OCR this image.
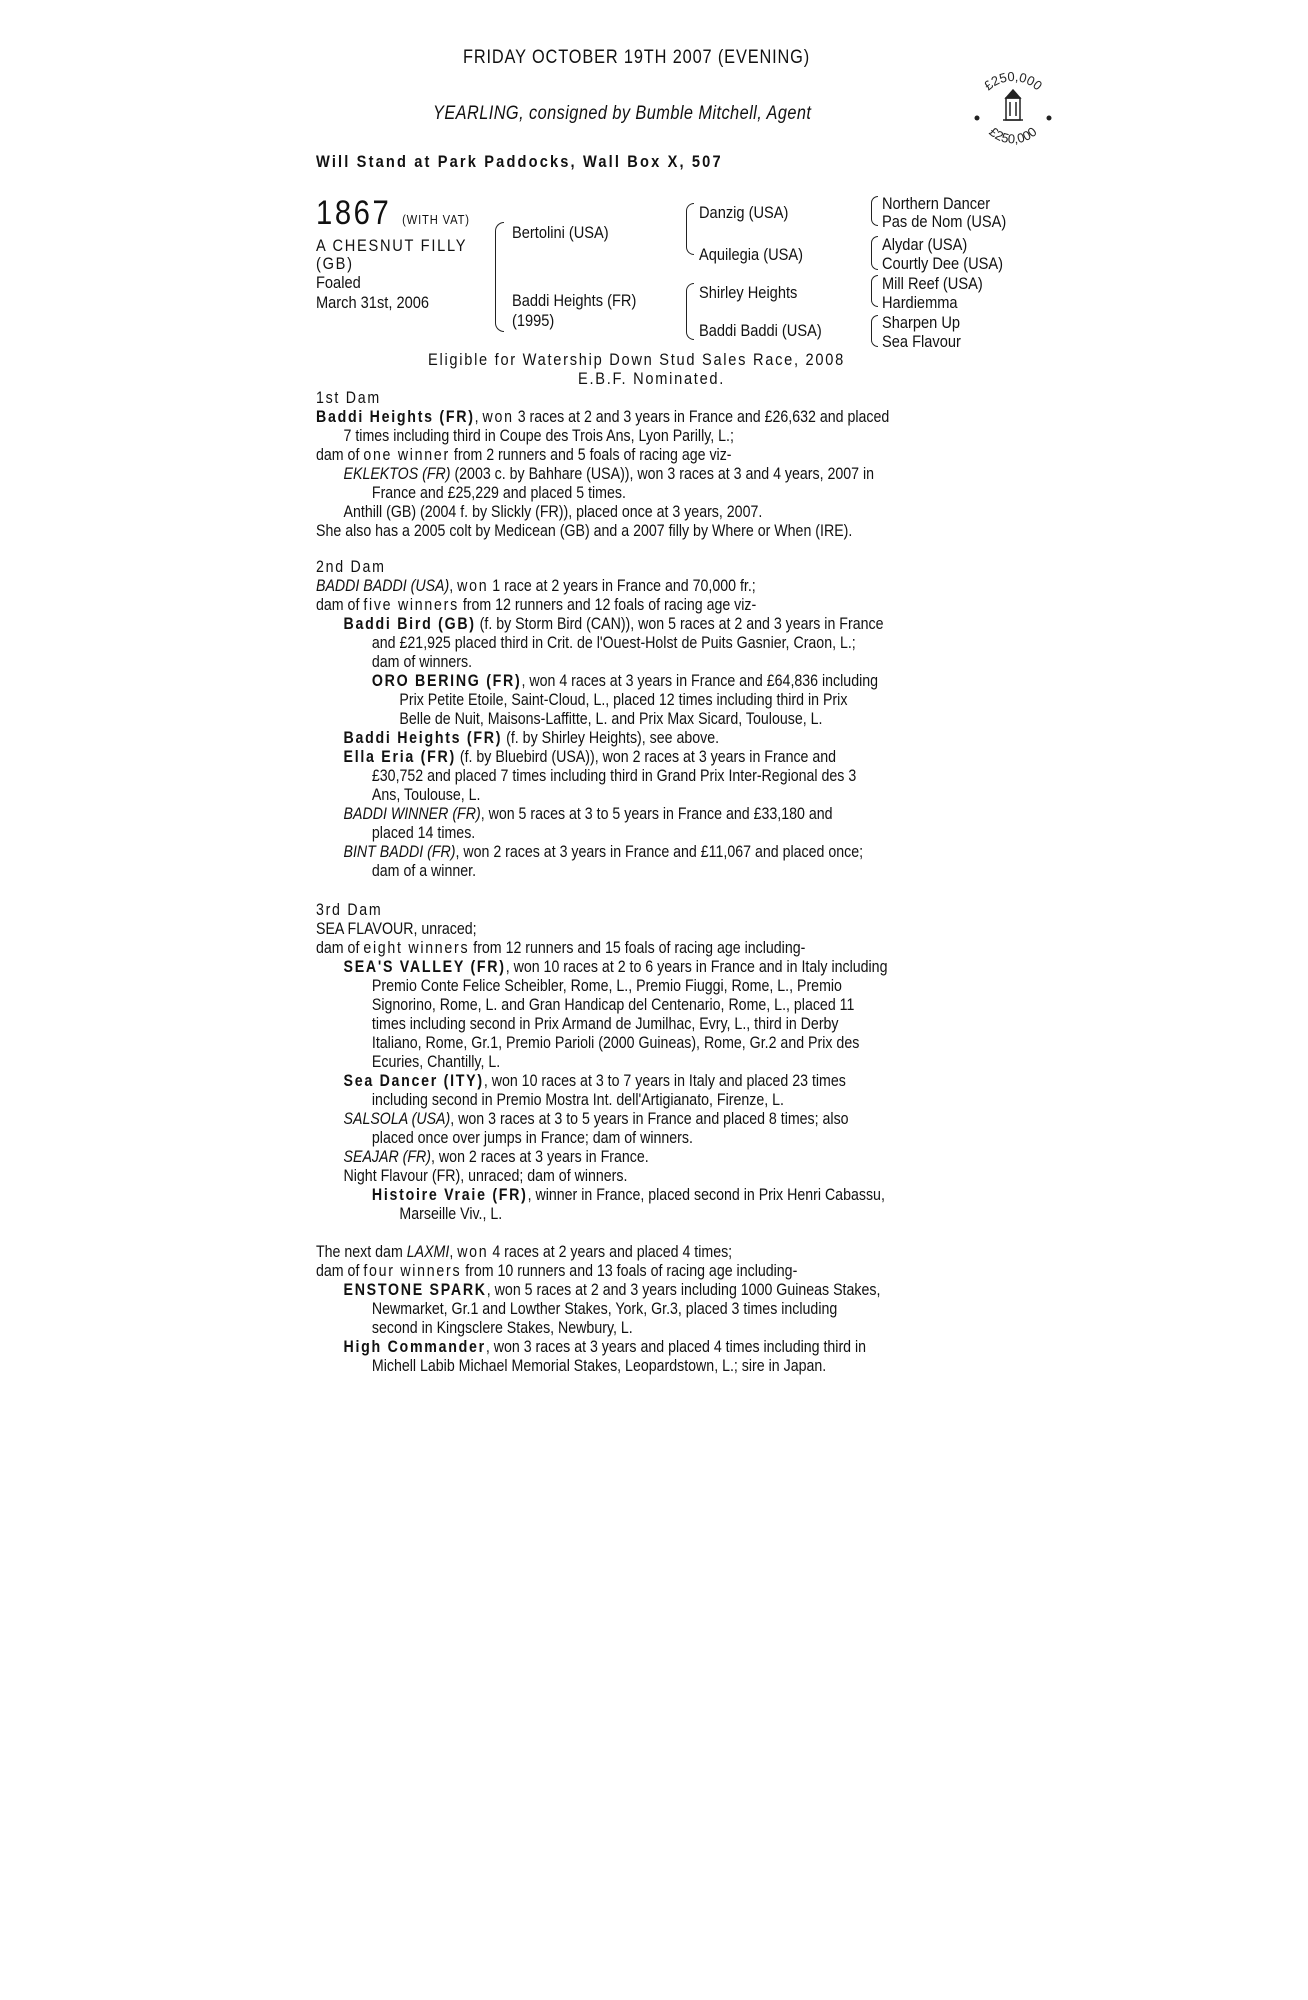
FRIDAY OCTOBER 19TH 2007 (EVENING)
YEARLING, consigned by Bumble Mitchell, Agent
Will Stand at Park Paddocks, Wall Box X, 507
£250,000
£250,000
1867 (WITH VAT)
A CHESNUT FILLY
(GB)
Foaled
March 31st, 2006
Bertolini (USA)
Baddi Heights (FR)
(1995)
Danzig (USA)
Aquilegia (USA)
Shirley Heights
Baddi Baddi (USA)
Northern Dancer
Pas de Nom (USA)
Alydar (USA)
Courtly Dee (USA)
Mill Reef (USA)
Hardiemma
Sharpen Up
Sea Flavour
Eligible for Watership Down Stud Sales Race, 2008
E.B.F. Nominated.

1st Dam

Baddi Heights (FR), won 3 races at 2 and 3 years in France and £26,632 and placed

7 times including third in Coupe des Trois Ans, Lyon Parilly, L.;

dam of one winner from 2 runners and 5 foals of racing age viz-

EKLEKTOS (FR) (2003 c. by Bahhare (USA)), won 3 races at 3 and 4 years, 2007 in

France and £25,229 and placed 5 times.

Anthill (GB) (2004 f. by Slickly (FR)), placed once at 3 years, 2007.

She also has a 2005 colt by Medicean (GB) and a 2007 filly by Where or When (IRE).

2nd Dam

BADDI BADDI (USA), won 1 race at 2 years in France and 70,000 fr.;

dam of five winners from 12 runners and 12 foals of racing age viz-

Baddi Bird (GB) (f. by Storm Bird (CAN)), won 5 races at 2 and 3 years in France

and £21,925 placed third in Crit. de l'Ouest-Holst de Puits Gasnier, Craon, L.;

dam of winners.

ORO BERING (FR), won 4 races at 3 years in France and £64,836 including

Prix Petite Etoile, Saint-Cloud, L., placed 12 times including third in Prix

Belle de Nuit, Maisons-Laffitte, L. and Prix Max Sicard, Toulouse, L.

Baddi Heights (FR) (f. by Shirley Heights), see above.

Ella Eria (FR) (f. by Bluebird (USA)), won 2 races at 3 years in France and

£30,752 and placed 7 times including third in Grand Prix Inter-Regional des 3

Ans, Toulouse, L.

BADDI WINNER (FR), won 5 races at 3 to 5 years in France and £33,180 and

placed 14 times.

BINT BADDI (FR), won 2 races at 3 years in France and £11,067 and placed once;

dam of a winner.

3rd Dam

SEA FLAVOUR, unraced;

dam of eight winners from 12 runners and 15 foals of racing age including-

SEA'S VALLEY (FR), won 10 races at 2 to 6 years in France and in Italy including

Premio Conte Felice Scheibler, Rome, L., Premio Fiuggi, Rome, L., Premio

Signorino, Rome, L. and Gran Handicap del Centenario, Rome, L., placed 11

times including second in Prix Armand de Jumilhac, Evry, L., third in Derby

Italiano, Rome, Gr.1, Premio Parioli (2000 Guineas), Rome, Gr.2 and Prix des

Ecuries, Chantilly, L.

Sea Dancer (ITY), won 10 races at 3 to 7 years in Italy and placed 23 times

including second in Premio Mostra Int. dell'Artigianato, Firenze, L.

SALSOLA (USA), won 3 races at 3 to 5 years in France and placed 8 times; also

placed once over jumps in France; dam of winners.

SEAJAR (FR), won 2 races at 3 years in France.

Night Flavour (FR), unraced; dam of winners.

Histoire Vraie (FR), winner in France, placed second in Prix Henri Cabassu,

Marseille Viv., L.

The next dam LAXMI, won 4 races at 2 years and placed 4 times;

dam of four winners from 10 runners and 13 foals of racing age including-

ENSTONE SPARK, won 5 races at 2 and 3 years including 1000 Guineas Stakes,

Newmarket, Gr.1 and Lowther Stakes, York, Gr.3, placed 3 times including

second in Kingsclere Stakes, Newbury, L.

High Commander, won 3 races at 3 years and placed 4 times including third in

Michell Labib Michael Memorial Stakes, Leopardstown, L.; sire in Japan.
